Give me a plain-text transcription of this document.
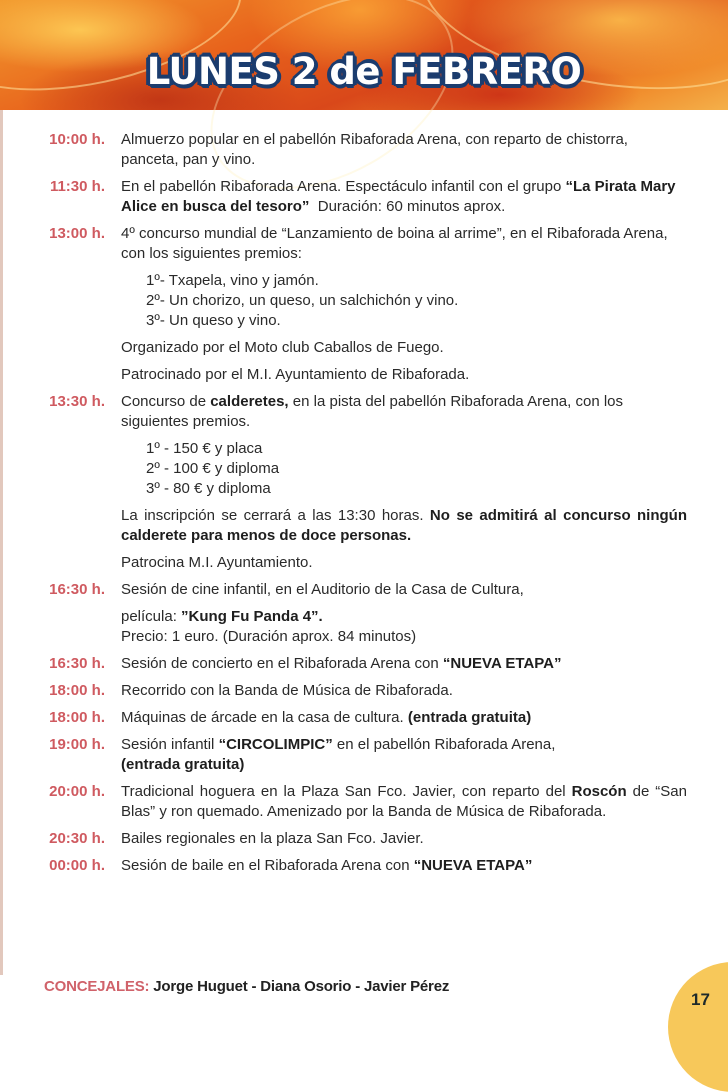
LUNES 2 de FEBRERO
10:00 h.	Almuerzo popular en el pabellón Ribaforada Arena, con reparto de chistorra, panceta, pan y vino.

11:30 h.	En el pabellón Ribaforada Arena. Espectáculo infantil con el grupo “La Pirata Mary Alice en busca del tesoro”  Duración: 60 minutos aprox.

13:00 h.	4º concurso mundial de “Lanzamiento de boina al arrime”, en el Ribaforada Arena, con los siguientes premios:

1º- Txapela, vino y jamón.
2º- Un chorizo, un queso, un salchichón y vino.
3º- Un queso y vino.

Organizado por el Moto club Caballos de Fuego.

Patrocinado por el M.I. Ayuntamiento de Ribaforada.

13:30 h.	Concurso de calderetes, en la pista del pabellón Ribaforada Arena, con los siguientes premios.

1º - 150 € y placa
2º - 100 € y diploma
3º - 80 € y diploma

La inscripción se cerrará a las 13:30 horas. No se admitirá al concurso ningún calderete para menos de doce personas.

Patrocina M.I. Ayuntamiento.

16:30 h.	Sesión de cine infantil, en el Auditorio de la Casa de Cultura,

película: ”Kung Fu Panda 4”.
Precio: 1 euro. (Duración aprox. 84 minutos)

16:30 h.	Sesión de concierto en el Ribaforada Arena con “NUEVA ETAPA”

18:00 h.	Recorrido con la Banda de Música de Ribaforada.

18:00 h.	Máquinas de árcade en la casa de cultura. (entrada gratuita)

19:00 h.	Sesión infantil “CIRCOLIMPIC” en el pabellón Ribaforada Arena,
(entrada gratuita)

20:00 h.	Tradicional hoguera en la Plaza San Fco. Javier, con reparto del Roscón de “San Blas” y ron quemado. Amenizado por la Banda de Música de Ribaforada.

20:30 h.	Bailes regionales en la plaza San Fco. Javier.

00:00 h.	Sesión de baile en el Ribaforada Arena con “NUEVA ETAPA”

CONCEJALES: Jorge Huguet - Diana Osorio - Javier Pérez
17
